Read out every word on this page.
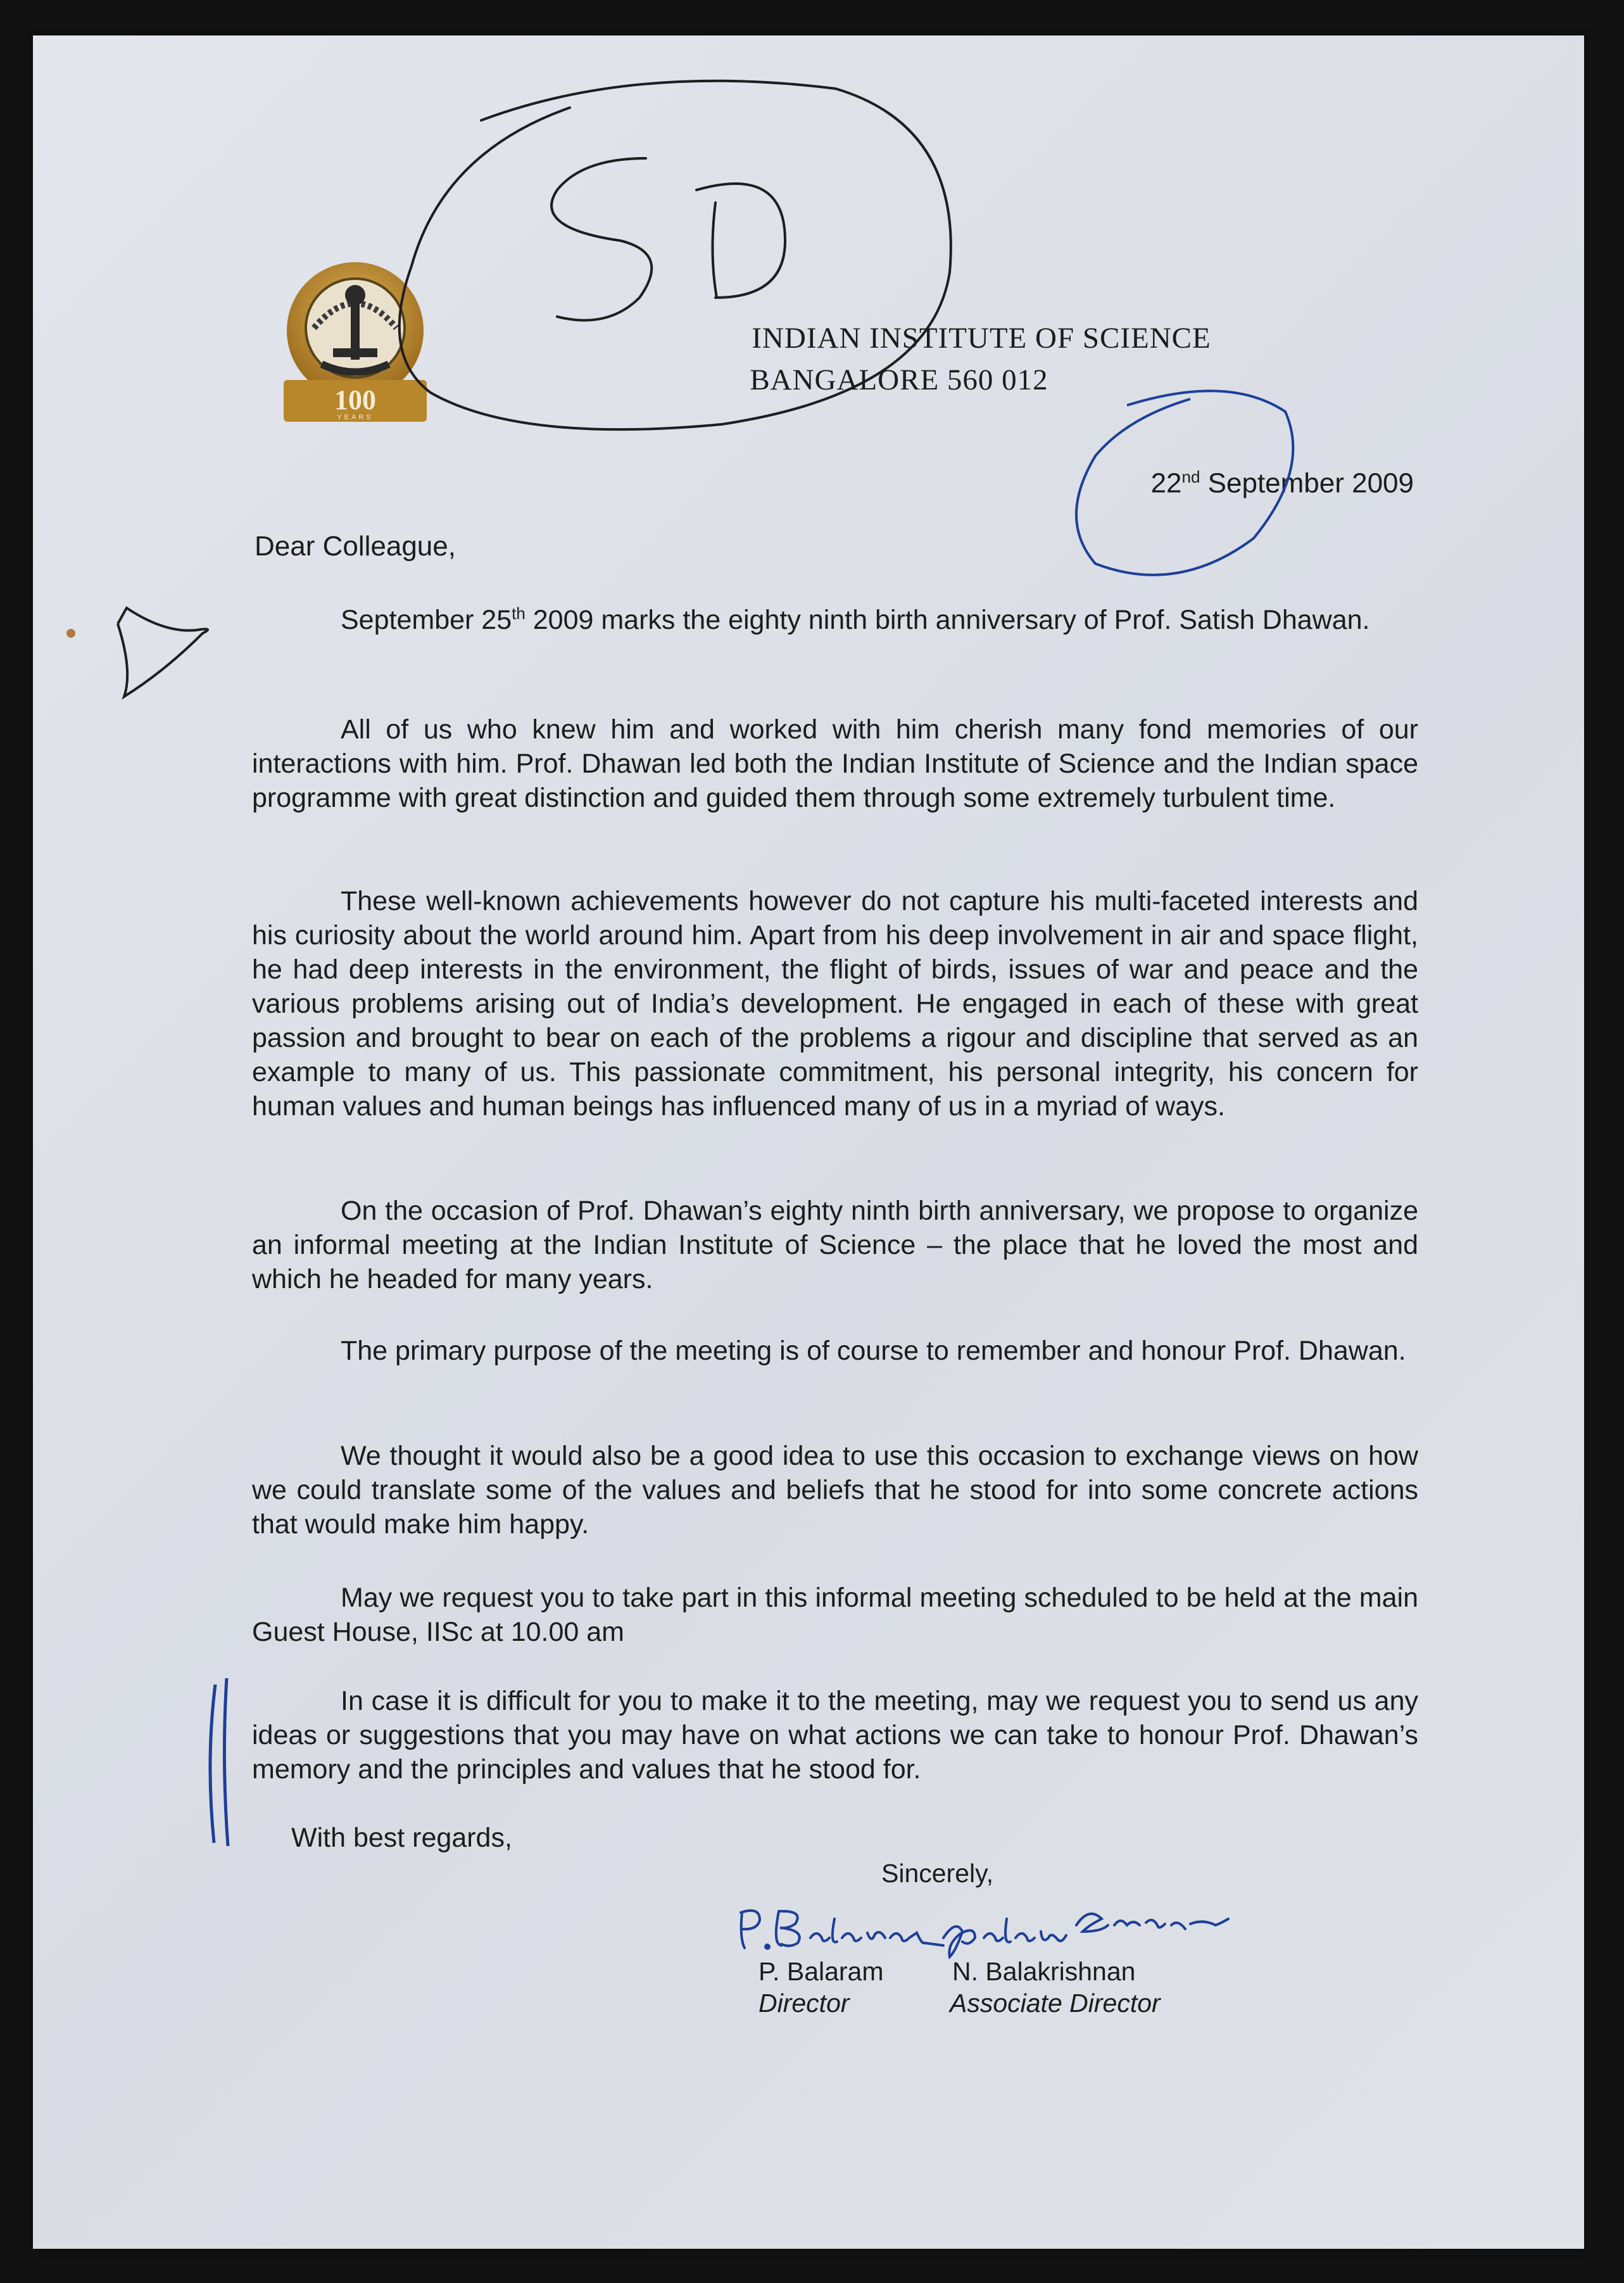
100
YEARS
INDIAN INSTITUTE OF SCIENCE
BANGALORE 560 012
22nd September 2009
Dear Colleague,

September 25th 2009 marks the eighty ninth birth anniversary of Prof. Satish Dhawan.

All of us who knew him and worked with him cherish many fond memories of our interactions with him. Prof. Dhawan led both the Indian Institute of Science and the Indian space programme with great distinction and guided them through some extremely turbulent time.

These well-known achievements however do not capture his multi-faceted interests and his curiosity about the world around him. Apart from his deep involvement in air and space flight, he had deep interests in the environment, the flight of birds, issues of war and peace and the various problems arising out of India’s development. He engaged in each of these with great passion and brought to bear on each of the problems a rigour and discipline that served as an example to many of us. This passionate commitment, his personal integrity, his concern for human values and human beings has influenced many of us in a myriad of ways.

On the occasion of Prof. Dhawan’s eighty ninth birth anniversary, we propose to organize an informal meeting at the Indian Institute of Science – the place that he loved the most and which he headed for many years.

The primary purpose of the meeting is of course to remember and honour Prof. Dhawan.

We thought it would also be a good idea to use this occasion to exchange views on how we could translate some of the values and beliefs that he stood for into some concrete actions that would make him happy.

May we request you to take part in this informal meeting scheduled to be held at the main Guest House, IISc at 10.00 am

In case it is difficult for you to make it to the meeting, may we request you to send us any ideas or suggestions that you may have on what actions we can take to honour Prof. Dhawan’s memory and the principles and values that he stood for.

With best regards,
Sincerely,
P. Balaram NBalakrishnan P. Balaram	N. Balakrishnan
Director	Associate Director
